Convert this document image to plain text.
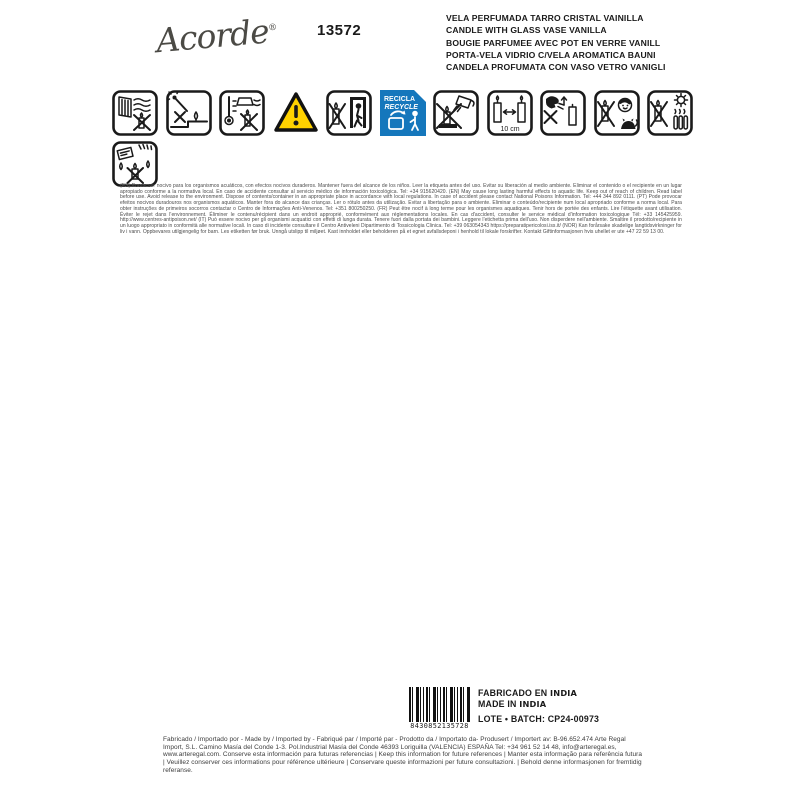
Acorde®	13572
VELA PERFUMADA TARRO CRISTAL VAINILLA
CANDLE WITH GLASS VASE VANILLA
BOUGIE PARFUMEE AVEC POT EN VERRE VANILL
PORTA-VELA VIDRIO C/VELA AROMATICA BAUNI
CANDELA PROFUMATA CON VASO VETRO VANIGLI
RECICLA
RECYCLE
10 cm
(ES) Puede ser nocivo para los organismos acuáticos, con efectos nocivos duraderos. Mantener fuera del alcance de los niños. Leer la etiqueta antes del uso. Evitar su liberación al medio ambiente. Eliminar el contenido o el recipiente en un lugar apropiado conforme a la normativa local. En caso de accidente consultar al servicio médico de información toxicológica. Tel: +34 915620420. (EN) May cause long lasting harmful effects to aquatic life. Keep out of reach of children. Read label before use. Avoid release to the environment. Dispose of contents/container in an appropriate place in accordance with local regulations. In case of accident please contact National Poisons Information. Tel: +44 344 892 0111. (PT) Pode provocar efeitos nocivos duradouros nos organismos aquáticos. Manter fora do alcance das crianças. Ler o rótulo antes da utilização. Evitar a libertação para o ambiente. Eliminar o conteúdo/recipiente num local apropriado conforme a norma local. Para obter instruções de primeiros socorros contactar o Centro de Informações Anti-Venenos. Tel: +351 800250250. (FR) Peut être nocif à long terme pour les organismes aquatiques. Tenir hors de portée des enfants. Lire l'étiquette avant utilisation. Éviter le rejet dans l'environnement. Éliminer le contenu/récipient dans un endroit approprié, conformément aux réglementations locales. En cas d'accident, consulter le service médical d'information toxicologique Tél: +33 145425959. http://www.centres-antipoison.net/ (IT) Può essere nocivo per gli organismi acquatici con effetti di lunga durata. Tenere fuori dalla portata dei bambini. Leggere l'etichetta prima dell'uso. Non disperdere nell'ambiente. Smaltire il prodotto/recipiente in un luogo appropriato in conformità alle normative locali. In caso di incidente consultare il Centro Antiveleni Dipartimento di Tossicologia Clinica. Tel: +39 063054343 https://preparatipericolosi.iss.it/ (NOR) Kan forårsake skadelige langtidsvirkninger for liv i vann. Oppbevares utilgjengelig for barn. Les etiketten før bruk. Unngå utslipp til miljøet. Kast innholdet eller beholderen på et egnet avfallsdeponi i henhold til lokale forskrifter. Kontakt Giftinformasjonen hvis uhellet er ute +47 22 59 13 00.
8430852135728
FABRICADO EN INDIA
MADE IN INDIA
LOTE • BATCH: CP24-00973
Fabricado / Importado por - Made by / Imported by - Fabriqué par / Importé par - Prodotto da / Importato da- Produsert / Importert av: B-96.652.474 Arte Regal Import, S.L. Camino Masía del Conde 1-3. Pol.Industrial Masía del Conde 46393 Loriguilla (VALENCIA) ESPAÑA Tel: +34 961 52 14 48, info@arteregal.es, www.arteregal.com. Conserve esta información para futuras referencias | Keep this information for future references | Manter esta informação para referência futura | Veuillez conserver ces informations pour référence ultérieure | Conservare queste informazioni per future consultazioni. | Behold denne informasjonen for fremtidig referanse.
